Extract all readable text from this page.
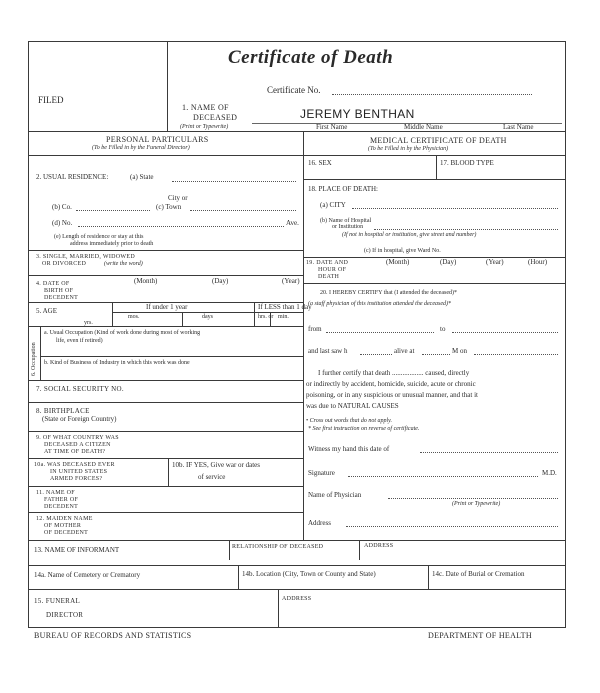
FILED
Certificate of Death
Certificate No.
1. NAME OF
DECEASED
(Print or Typewrite)
JEREMY BENTHAN
First Name	Middle Name	Last Name
PERSONAL PARTICULARS
(To be Filled in by the Funeral Director)
2. USUAL RESIDENCE:	(a) State
City or
(b) Co.	(c) Town
(d) No.	Ave.
(e) Length of residence or stay at this
address immediately prior to death
3. SINGLE, MARRIED, WIDOWED
OR DIVORCED	(write the word)
4. DATE OF
BIRTH OF
DECEDENT
(Month)	(Day)	(Year)
5. AGE	If under 1 year	If LESS than 1 day
mos.	days	hrs. or min.
yrs.
6. Occupation
a. Usual Occupation (Kind of work done during most of working
life, even if retired)
b. Kind of Business of Industry in which this work was done
7. SOCIAL SECURITY NO.
8. BIRTHPLACE
(State or Foreign Country)
9. OF WHAT COUNTRY WAS
DECEASED A CITIZEN
AT TIME OF DEATH?
10a. WAS DECEASED EVER
IN UNITED STATES
ARMED FORCES?
10b. IF YES, Give war or dates
of service
11. NAME OF
FATHER OF
DECEDENT
12. MAIDEN NAME
OF MOTHER
OF DECEDENT
MEDICAL CERTIFICATE OF DEATH
(To be Filled in by the Physician)
16. SEX	17. BLOOD TYPE
18. PLACE OF DEATH:
(a) CITY
(b) Name of Hospital
or Institution
(If not in hospital or institution, give street and number)
(c) If in hospital, give Ward No.
19. DATE AND
HOUR OF
DEATH
(Month)	(Day)	(Year)	(Hour)
20. I HEREBY CERTIFY that (I attended the deceased)*
(a staff physician of this institution attended the deceased)*
from	to
and last saw h	alive at	M on
I further certify that death .................. caused, directly
or indirectly by accident, homicide, suicide, acute or chronic
poisoning, or in any suspicious or unusual manner, and that it
was due to NATURAL CAUSES
• Cross out words that do not apply.
* See first instruction on reverse of certificate.
Witness my hand this date of
Signature	M.D.
Name of Physician
(Print or Typewrite)
Address
13. NAME OF INFORMANT	RELATIONSHIP OF DECEASED	ADDRESS
14a. Name of Cemetery or Crematory	14b. Location (City, Town or County and State)	14c. Date of Burial or Cremation
15. FUNERAL
DIRECTOR
ADDRESS
BUREAU OF RECORDS AND STATISTICS	DEPARTMENT OF HEALTH
